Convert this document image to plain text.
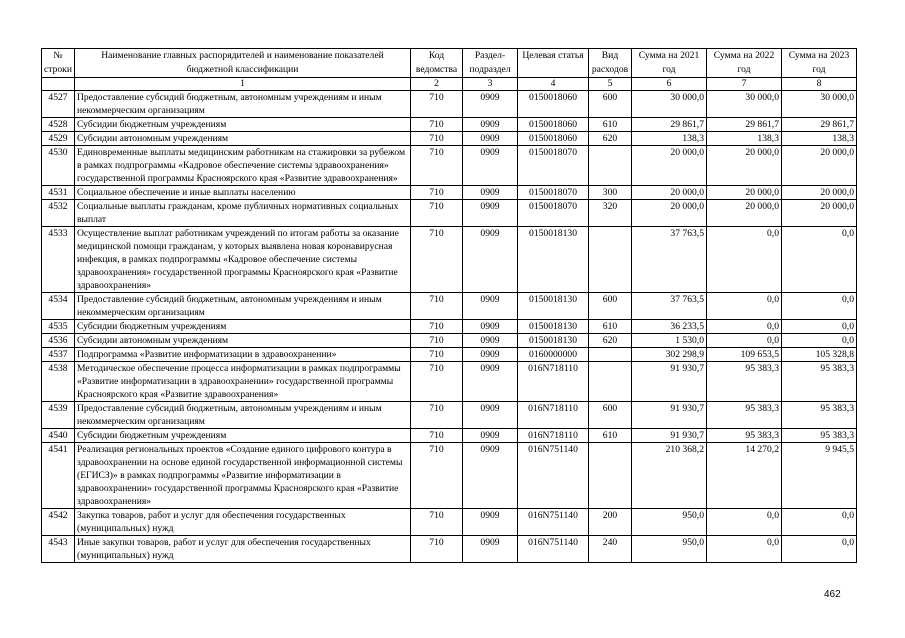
№ строки	Наименование главных распорядителей и наименование показателей бюджетной классификации	Код ведомства	Раздел-подраздел	Целевая статья	Вид расходов	Сумма на 2021 год	Сумма на 2022 год	Сумма на 2023 год
	1	2	3	4	5	6	7	8
4527	Предоставление субсидий бюджетным, автономным учреждениям и иным некоммерческим организациям	710	0909	0150018060	600	30 000,0	30 000,0	30 000,0
4528	Субсидии бюджетным учреждениям	710	0909	0150018060	610	29 861,7	29 861,7	29 861,7
4529	Субсидии автономным учреждениям	710	0909	0150018060	620	138,3	138,3	138,3
4530	Единовременные выплаты медицинским работникам на стажировки за рубежом в рамках подпрограммы «Кадровое обеспечение системы здравоохранения» государственной программы Красноярского края «Развитие здравоохранения»	710	0909	0150018070		20 000,0	20 000,0	20 000,0
4531	Социальное обеспечение и иные выплаты населению	710	0909	0150018070	300	20 000,0	20 000,0	20 000,0
4532	Социальные выплаты гражданам, кроме публичных нормативных социальных выплат	710	0909	0150018070	320	20 000,0	20 000,0	20 000,0
4533	Осуществление выплат работникам учреждений по итогам работы за оказание медицинской помощи гражданам, у которых выявлена новая коронавирусная инфекция, в рамках подпрограммы «Кадровое обеспечение системы здравоохранения» государственной программы Красноярского края «Развитие здравоохранения»	710	0909	0150018130		37 763,5	0,0	0,0
4534	Предоставление субсидий бюджетным, автономным учреждениям и иным некоммерческим организациям	710	0909	0150018130	600	37 763,5	0,0	0,0
4535	Субсидии бюджетным учреждениям	710	0909	0150018130	610	36 233,5	0,0	0,0
4536	Субсидии автономным учреждениям	710	0909	0150018130	620	1 530,0	0,0	0,0
4537	Подпрограмма «Развитие информатизации в здравоохранении»	710	0909	0160000000		302 298,9	109 653,5	105 328,8
4538	Методическое обеспечение процесса информатизации в рамках подпрограммы «Развитие информатизации в здравоохранении» государственной программы Красноярского края «Развитие здравоохранения»	710	0909	016N718110		91 930,7	95 383,3	95 383,3
4539	Предоставление субсидий бюджетным, автономным учреждениям и иным некоммерческим организациям	710	0909	016N718110	600	91 930,7	95 383,3	95 383,3
4540	Субсидии бюджетным учреждениям	710	0909	016N718110	610	91 930,7	95 383,3	95 383,3
4541	Реализация региональных проектов «Создание единого цифрового контура в здравоохранении на основе единой государственной информационной системы (ЕГИСЗ)» в рамках подпрограммы «Развитие информатизации в здравоохранении» государственной программы Красноярского края «Развитие здравоохранения»	710	0909	016N751140		210 368,2	14 270,2	9 945,5
4542	Закупка товаров, работ и услуг для обеспечения государственных (муниципальных) нужд	710	0909	016N751140	200	950,0	0,0	0,0
4543	Иные закупки товаров, работ и услуг для обеспечения государственных (муниципальных) нужд	710	0909	016N751140	240	950,0	0,0	0,0
462
